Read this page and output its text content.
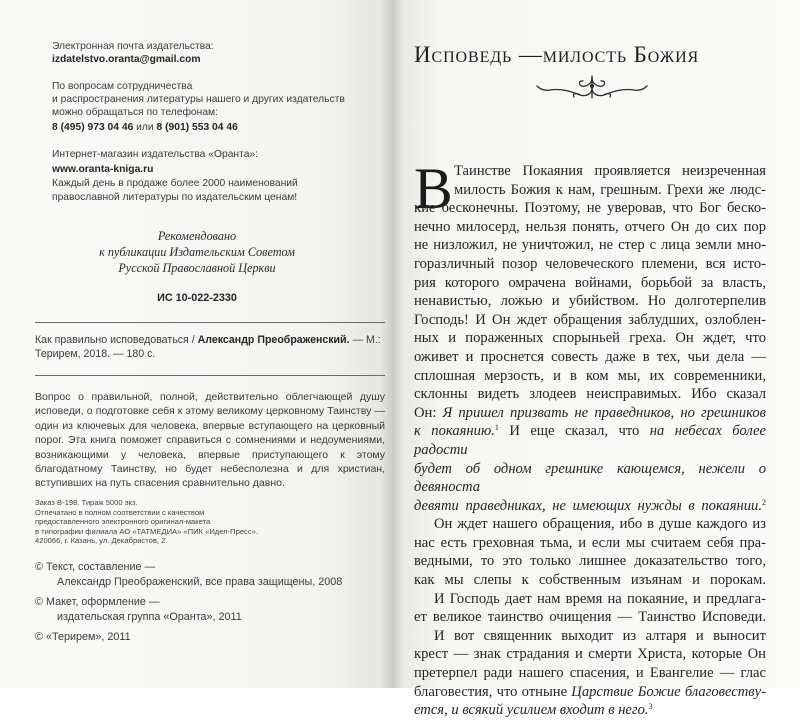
Электронная почта издательства:
izdatelstvo.oranta@gmail.com
По вопросам сотрудничества
и распространения литературы нашего и других издательств
можно обращаться по телефонам:
8 (495) 973 04 46 или 8 (901) 553 04 46
Интернет-магазин издательства «Оранта»:
www.oranta-kniga.ru
Каждый день в продаже более 2000 наименований
православной литературы по издательским ценам!
Рекомендовано
к публикации Издательским Советом
Русской Православной Церкви
ИС 10-022-2330
Как правильно исповедоваться / Александр Преображенский. — М.:
Терирем, 2018. — 180 с.
Вопрос о правильной, полной, действительно облегчающей душу исповеди, о подготовке себя к этому великому церковному Таинству — один из ключевых для человека, впервые вступающего на церковный порог. Эта книга поможет справиться с сомнениями и недоумениями, возникающими у человека, впервые приступающего к этому благодатному Таинству, но будет небесполезна и для христиан, вступивших на путь спасения сравнительно давно.
Заказ В-198. Тираж 5000 экз.
Отпечатано в полном соответствии с качеством
предоставленного электронного оригинал-макета
в типографии филиала АО «ТАТМЕДИА» «ПИК «Идел-Пресс».
420066, г. Казань, ул. Декабристов, 2.
© Текст, составление —
Александр Преображенский, все права защищены, 2008
© Макет, оформление —
издательская группа «Оранта», 2011
© «Терирем», 2011
Исповедь —милость Божия
В Таинстве Покаяния проявляется неизреченная
милость Божия к нам, грешным. Грехи же людс-
кие бесконечны. Поэтому, не уверовав, что Бог беско-
нечно милосерд, нельзя понять, отчего Он до сих пор
не низложил, не уничтожил, не стер с лица земли мно-
горазличный позор человеческого племени, вся исто-
рия которого омрачена войнами, борьбой за власть,
ненавистью, ложью и убийством. Но долготерпелив
Господь! И Он ждет обращения заблудших, озлоблен-
ных и пораженных спорыньей греха. Он ждет, что
оживет и проснется совесть даже в тех, чьи дела —
сплошная мерзость, и в ком мы, их современники,
склонны видеть злодеев неисправимых. Ибо сказал
Он: Я пришел призвать не праведников, но грешников
к покаянию.$^1$ И еще сказал, что на небесах более радости
будет об одном грешнике кающемся, нежели о девяноста
девяти праведниках, не имеющих нужды в покаянии.$^2$
Он ждет нашего обращения, ибо в душе каждого из
нас есть греховная тьма, и если мы считаем себя пра-
ведными, то это только лишнее доказательство того,
как мы слепы к собственным изъянам и порокам.
И Господь дает нам время на покаяние, и предлага-
ет великое таинство очищения — Таинство Исповеди.
И вот священник выходит из алтаря и выносит
крест — знак страдания и смерти Христа, которые Он
претерпел ради нашего спасения, и Евангелие — глас
благовестия, что отныне Царствие Божие благовеству-
ется, и всякий усилием входит в него.$^3$
